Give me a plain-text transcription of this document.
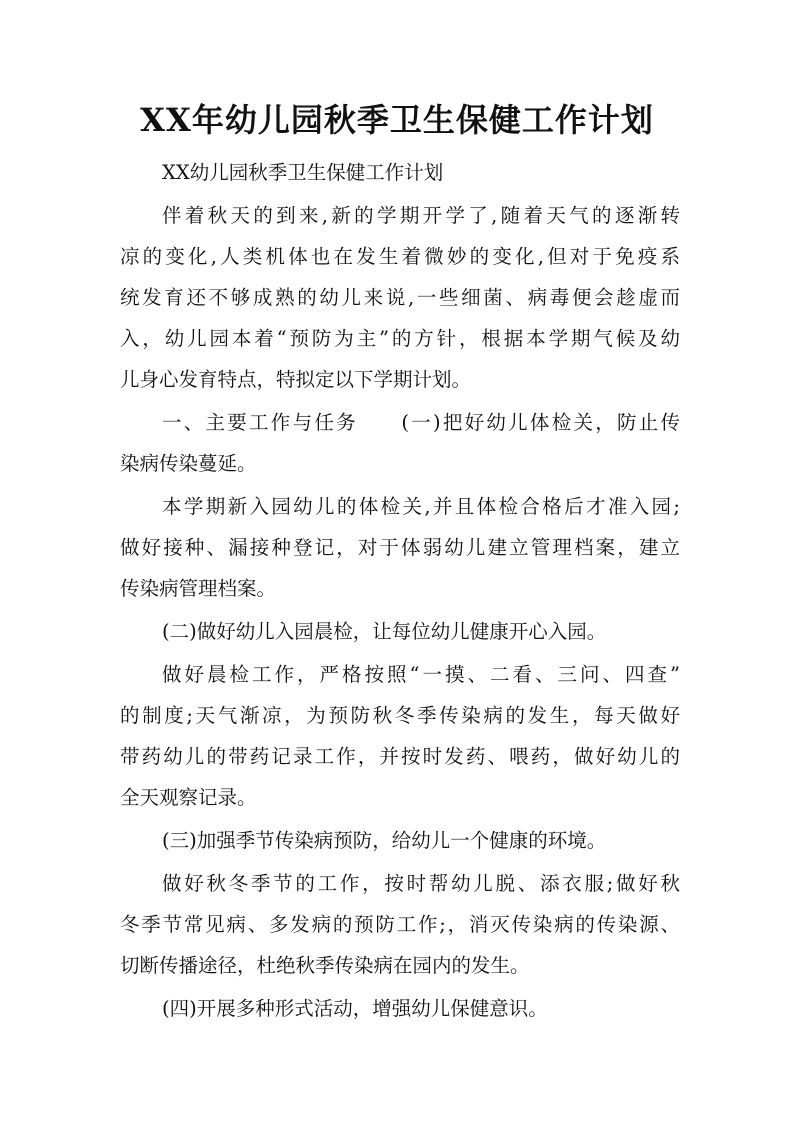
XX年幼儿园秋季卫生保健工作计划
XX幼儿园秋季卫生保健工作计划
伴着秋天的到来,新的学期开学了,随着天气的逐渐转
凉的变化,人类机体也在发生着微妙的变化,但对于免疫系
统发育还不够成熟的幼儿来说,一些细菌、病毒便会趁虚而
入，幼儿园本着“预防为主”的方针，根据本学期气候及幼
儿身心发育特点，特拟定以下学期计划。
一、主要工作与任务　　(一)把好幼儿体检关，防止传
染病传染蔓延。
本学期新入园幼儿的体检关,并且体检合格后才准入园;
做好接种、漏接种登记，对于体弱幼儿建立管理档案，建立
传染病管理档案。
(二)做好幼儿入园晨检，让每位幼儿健康开心入园。
做好晨检工作，严格按照“一摸、二看、三问、四查”
的制度;天气渐凉，为预防秋冬季传染病的发生，每天做好
带药幼儿的带药记录工作，并按时发药、喂药，做好幼儿的
全天观察记录。
(三)加强季节传染病预防，给幼儿一个健康的环境。
做好秋冬季节的工作，按时帮幼儿脱、添衣服;做好秋
冬季节常见病、多发病的预防工作;，消灭传染病的传染源、
切断传播途径，杜绝秋季传染病在园内的发生。
(四)开展多种形式活动，增强幼儿保健意识。
